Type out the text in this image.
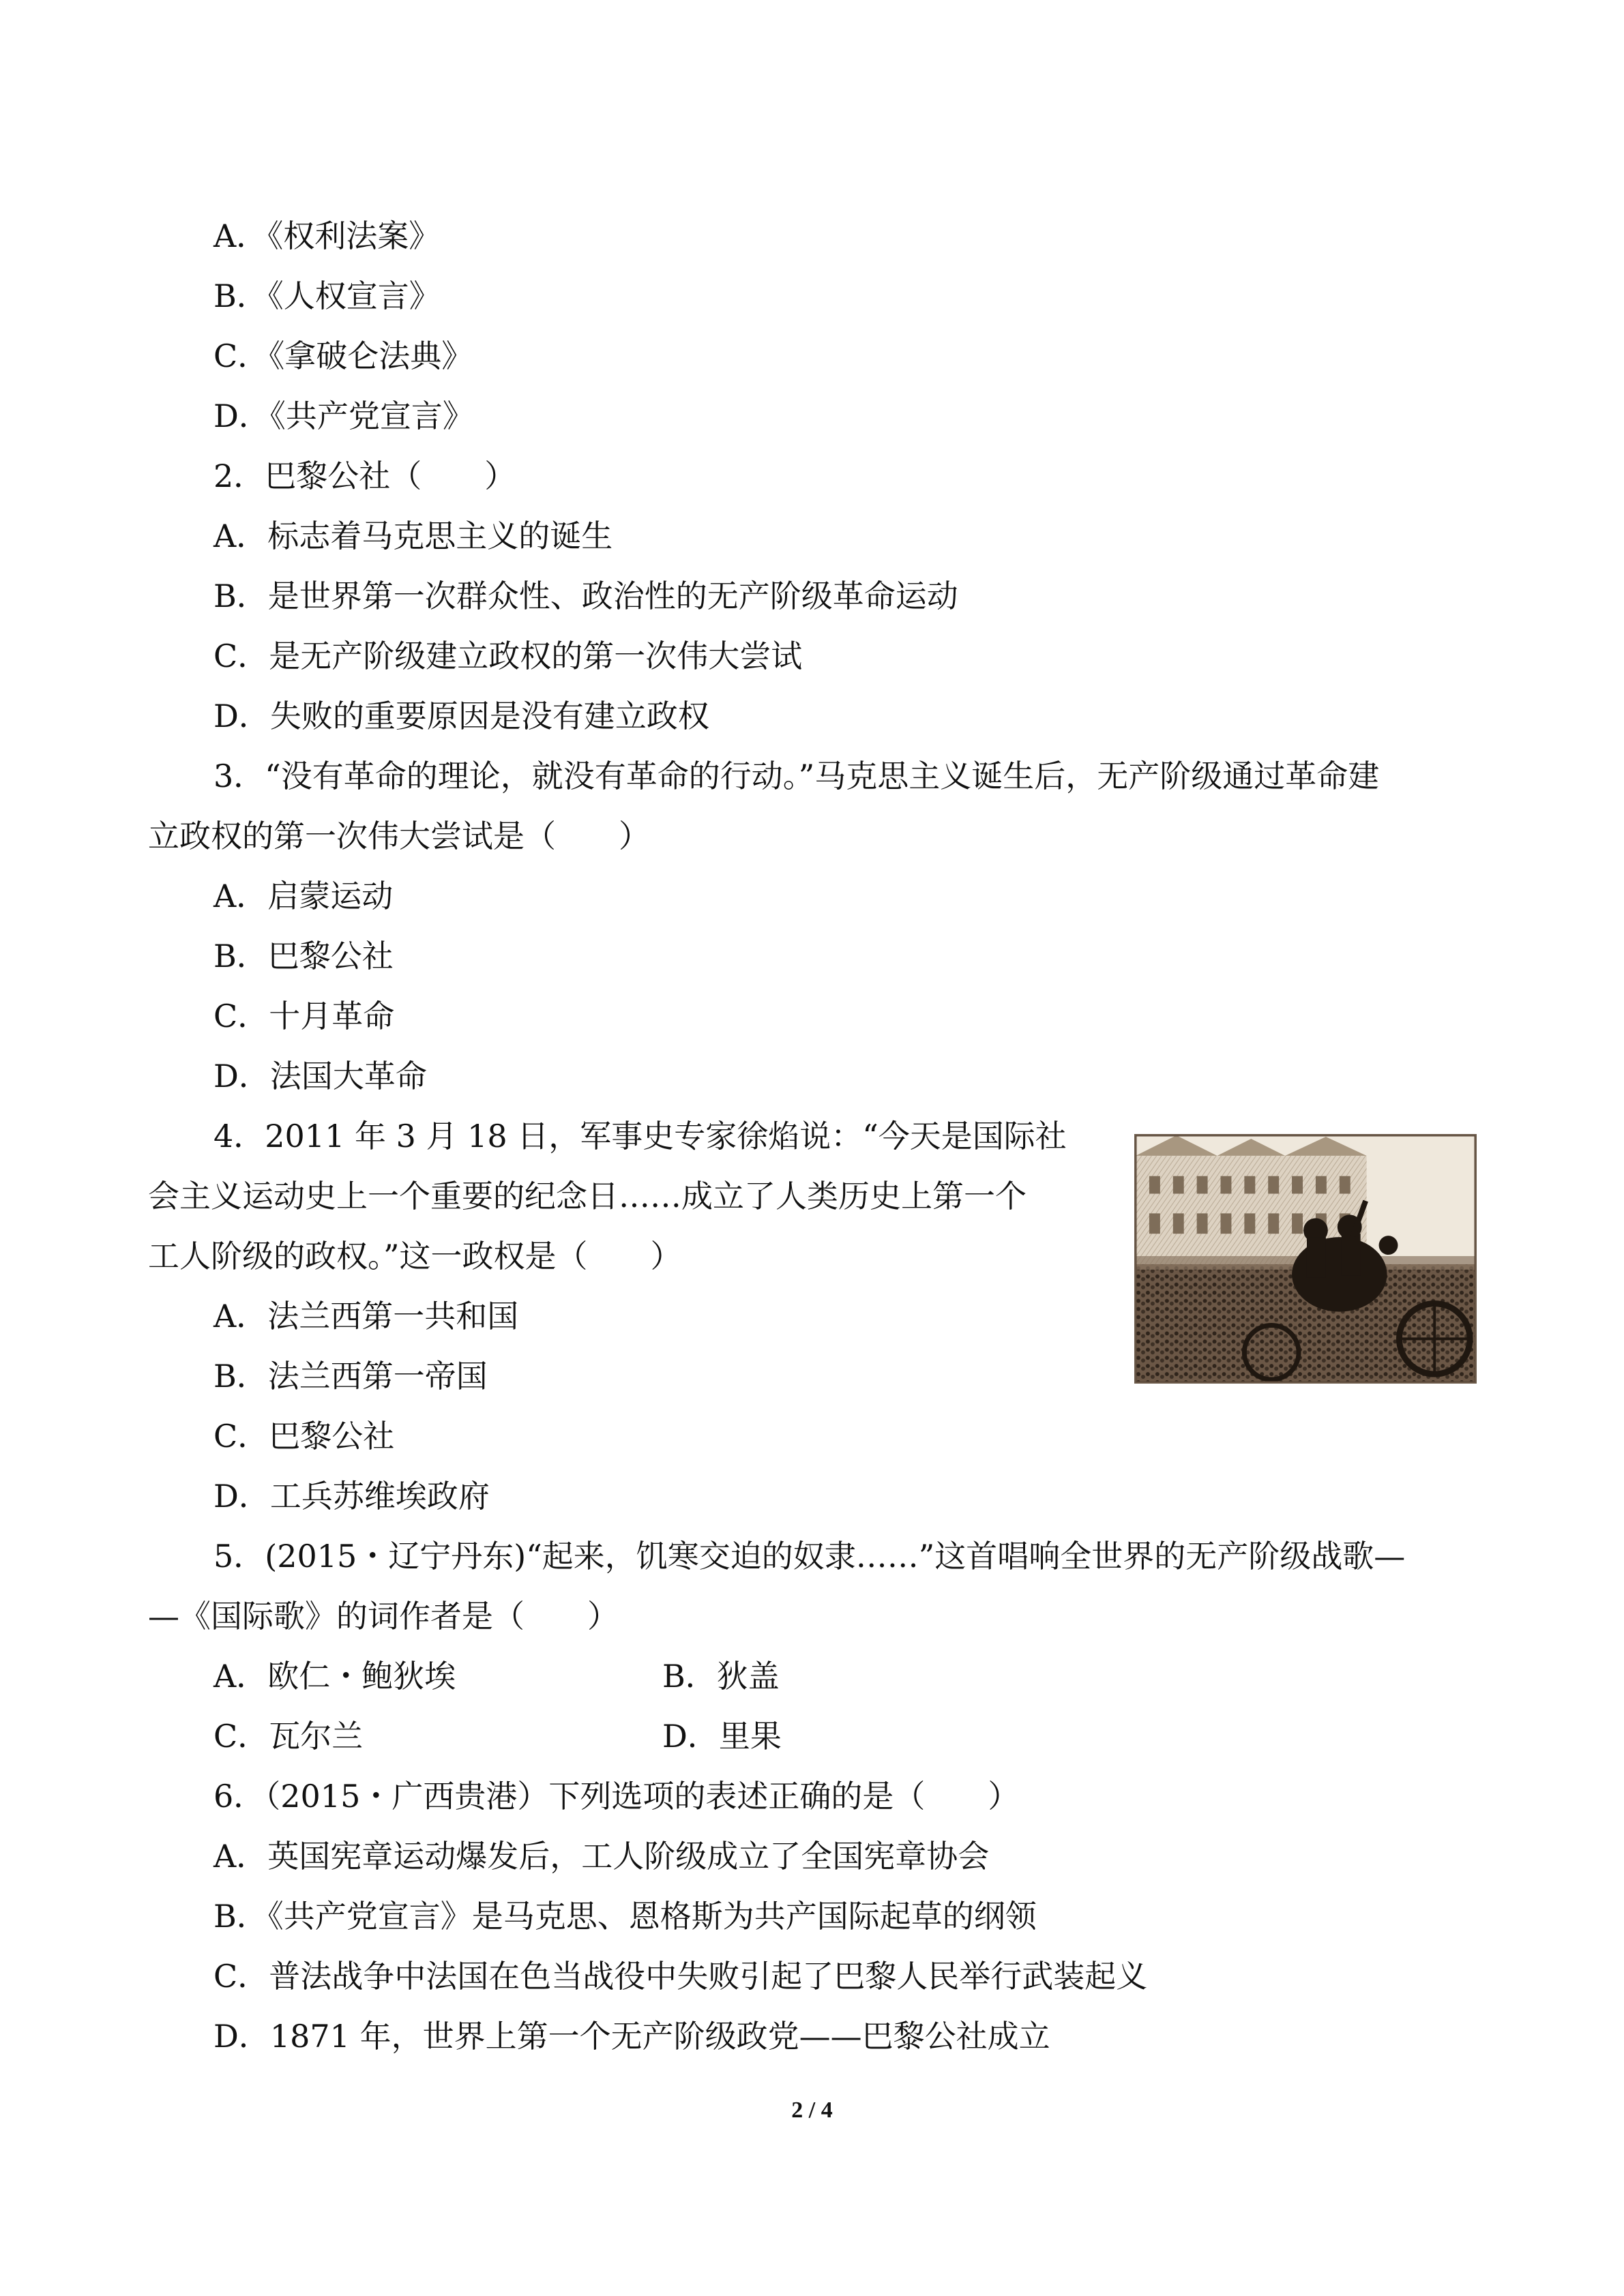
A．《权利法案》
B．《人权宣言》
C．《拿破仑法典》
D．《共产党宣言》
2．巴黎公社（　　）
A．标志着马克思主义的诞生
B．是世界第一次群众性、政治性的无产阶级革命运动
C．是无产阶级建立政权的第一次伟大尝试
D．失败的重要原因是没有建立政权
3．“没有革命的理论，就没有革命的行动。”马克思主义诞生后，无产阶级通过革命建
立政权的第一次伟大尝试是（　　）
A．启蒙运动
B．巴黎公社
C．十月革命
D．法国大革命
4．2011 年 3 月 18 日，军事史专家徐焰说：“今天是国际社
会主义运动史上一个重要的纪念日……成立了人类历史上第一个
工人阶级的政权。”这一政权是（　　）
A．法兰西第一共和国
B．法兰西第一帝国
C．巴黎公社
D．工兵苏维埃政府
5．(2015・辽宁丹东)“起来，饥寒交迫的奴隶……”这首唱响全世界的无产阶级战歌—
—《国际歌》的词作者是（　　）
A．欧仁・鲍狄埃	B．狄盖
C．瓦尔兰	D．里果
6．（2015・广西贵港）下列选项的表述正确的是（　　）
A．英国宪章运动爆发后，工人阶级成立了全国宪章协会
B．《共产党宣言》是马克思、恩格斯为共产国际起草的纲领
C．普法战争中法国在色当战役中失败引起了巴黎人民举行武装起义
D．1871 年，世界上第一个无产阶级政党——巴黎公社成立
2 / 4
